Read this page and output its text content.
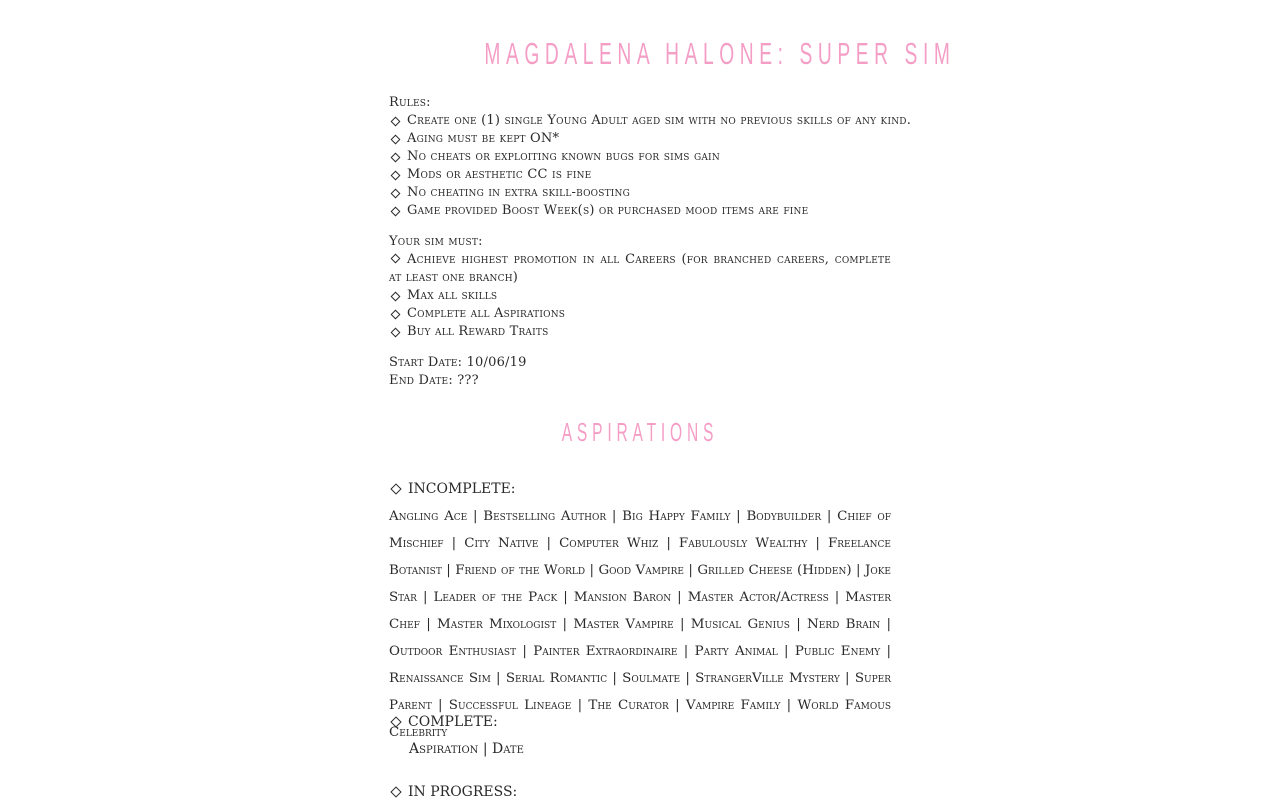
MAGDALENA HALONE: SUPER SIM
Rules:
Create one (1) single Young Adult aged sim with no previous skills of any kind.
Aging must be kept ON*
No cheats or exploiting known bugs for sims gain
Mods or aesthetic CC is fine
No cheating in extra skill-boosting
Game provided Boost Week(s) or purchased mood items are fine
Your sim must:
Achieve highest promotion in all Careers (for branched careers, complete at least one branch)
Max all skills
Complete all Aspirations
Buy all Reward Traits
Start Date: 10/06/19
End Date: ???
ASPIRATIONS
INCOMPLETE:
Angling Ace | Bestselling Author | Big Happy Family | Bodybuilder | Chief of Mischief | City Native | Computer Whiz | Fabulously Wealthy | Freelance Botanist | Friend of the World | Good Vampire | Grilled Cheese (Hidden) | Joke Star | Leader of the Pack | Mansion Baron | Master Actor/Actress | Master Chef | Master Mixologist | Master Vampire | Musical Genius | Nerd Brain | Outdoor Enthusiast | Painter Extraordinaire | Party Animal | Public Enemy | Renaissance Sim | Serial Romantic | Soulmate | StrangerVille Mystery | Super Parent | Successful Lineage | The Curator | Vampire Family | World Famous Celebrity
COMPLETE:
Aspiration | Date
IN PROGRESS:
